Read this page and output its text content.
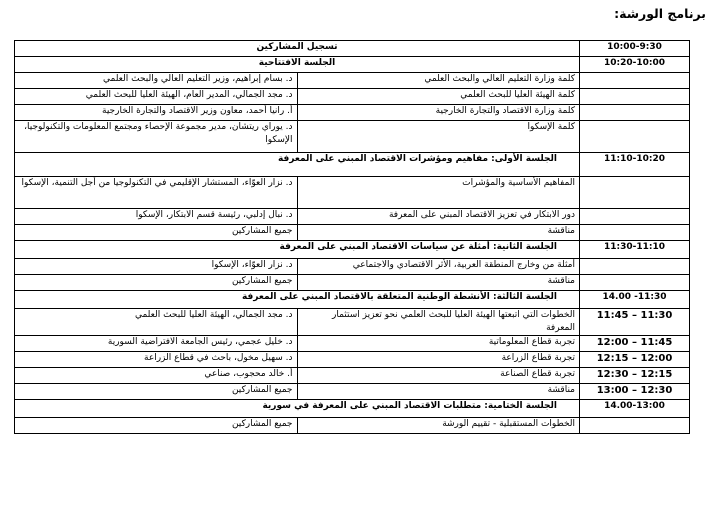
برنامج الورشة:
10:00-9:30	تسجيل المشاركين	
10:20-10:00	الجلسة الافتتاحية	
	كلمة وزارة التعليم العالي والبحث العلمي	د. بسام إبراهيم، وزير التعليم العالي والبحث العلمي
	كلمة الهيئة العليا للبحث العلمي	د. مجد الجمالي، المدير العام، الهيئة العليا للبحث العلمي
	كلمة وزارة الاقتصاد والتجارة الخارجية	أ. رانيا أحمد، معاون وزير الاقتصاد والتجارة الخارجية
	كلمة الإسكوا	د. يوراي ريتشان، مدير مجموعة الإحصاء ومجتمع المعلومات والتكنولوجيا، الإسكوا
11:10-10:20	الجلسة الأولى: مفاهيم ومؤشرات الاقتصاد المبني على المعرفة	
	المفاهيم الأساسية والمؤشرات	د. نزار العوّاء، المستشار الإقليمي في التكنولوجيا من أجل التنمية، الإسكوا
	دور الابتكار في تعزيز الاقتصاد المبني على المعرفة	د. نبال إدلبي، رئيسة قسم الابتكار، الإسكوا
	مناقشة	جميع المشاركين
11:30-11:10	الجلسة الثانية: أمثلة عن سياسات الاقتصاد المبني على المعرفة	
	أمثلة من وخارج المنطقة العربية، الأثر الاقتصادي والاجتماعي	د. نزار العوّاء، الإسكوا
	مناقشة	جميع المشاركين
14.00 -11:30	الجلسة الثالثة: الأنشطة الوطنية المتعلقة بالاقتصاد المبني على المعرفة	
11:45 – 11:30	الخطوات التي اتبعتها الهيئة العليا للبحث العلمي نحو تعزيز استثمار المعرفة	د. مجد الجمالي، الهيئة العليا للبحث العلمي
12:00 – 11:45	تجربة قطاع المعلوماتية	د. خليل عجمي، رئيس الجامعة الافتراضية السورية
12:15 – 12:00	تجربة قطاع الزراعة	د. سهيل مخول، باحث في قطاع الزراعة
12:30 – 12:15	تجربة قطاع الصناعة	أ. خالد محجوب، صناعي
13:00 – 12:30	مناقشة	جميع المشاركين
14.00-13:00	الجلسة الختامية: متطلبات الاقتصاد المبني على المعرفة في سورية	
	الخطوات المستقبلية - تقييم الورشة	جميع المشاركين
